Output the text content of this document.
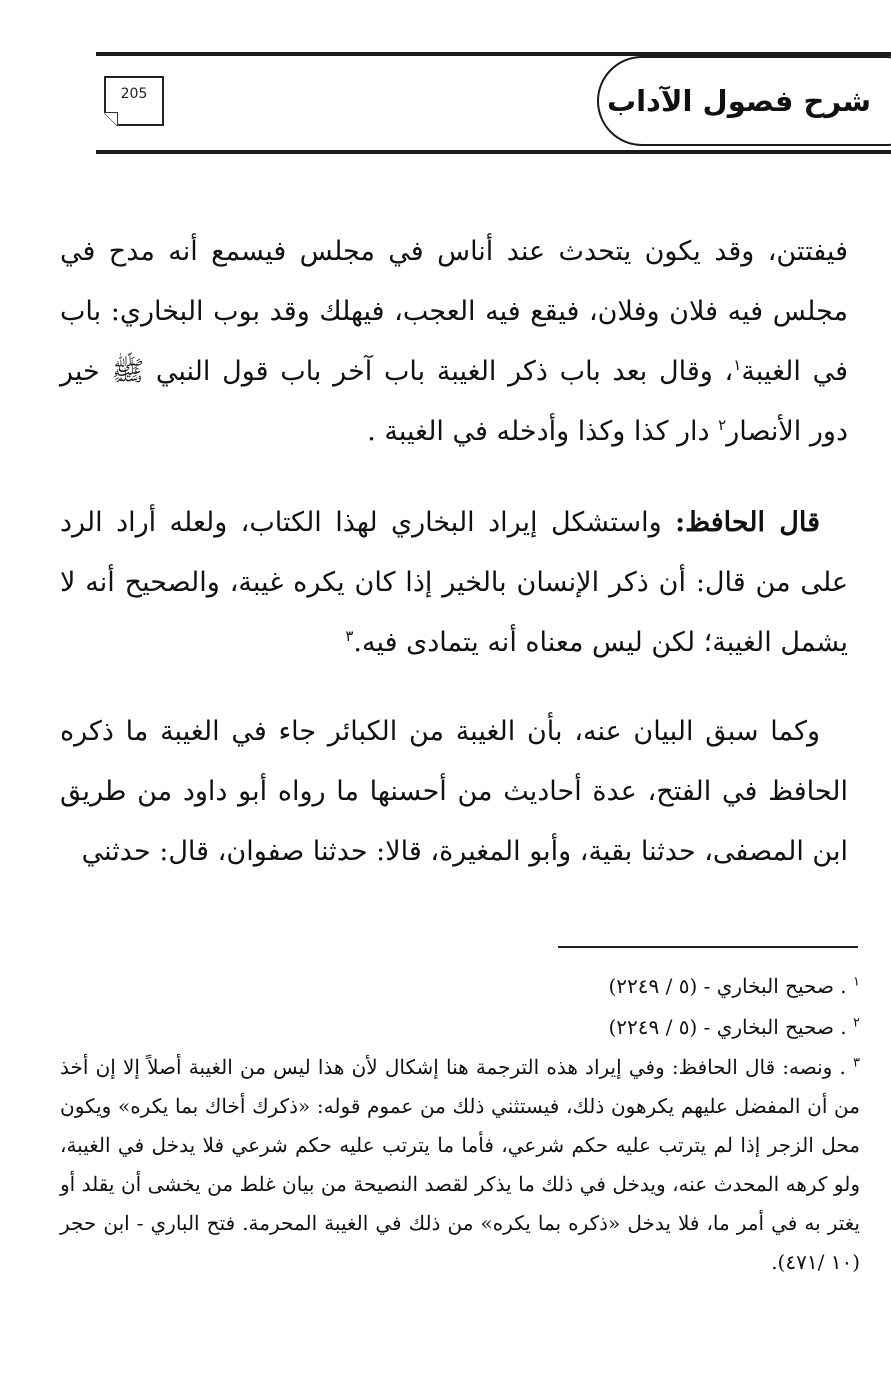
شرح فصول الآداب
205

فيفتتن، وقد يكون يتحدث عند أناس في مجلس فيسمع أنه مدح في مجلس فيه فلان وفلان، فيقع فيه العجب، فيهلك وقد بوب البخاري: باب في الغيبة$^١$، وقال بعد باب ذكر الغيبة باب آخر باب قول النبي ﷺ خير دور الأنصار$^٢$ دار كذا وكذا وأدخله في الغيبة .

قال الحافظ: واستشكل إيراد البخاري لهذا الكتاب، ولعله أراد الرد على من قال: أن ذكر الإنسان بالخير إذا كان يكره غيبة، والصحيح أنه لا يشمل الغيبة؛ لكن ليس معناه أنه يتمادى فيه.$^٣$

وكما سبق البيان عنه، بأن الغيبة من الكبائر جاء في الغيبة ما ذكره الحافظ في الفتح، عدة أحاديث من أحسنها ما رواه أبو داود من طريق ابن المصفى، حدثنا بقية، وأبو المغيرة، قالا: حدثنا صفوان، قال: حدثني

$^١$ . صحيح البخاري - (٥ / ٢٢٤٩)

$^٢$ . صحيح البخاري - (٥ / ٢٢٤٩)

$^٣$ . ونصه: قال الحافظ: وفي إيراد هذه الترجمة هنا إشكال لأن هذا ليس من الغيبة أصلاً إلا إن أخذ من أن المفضل عليهم يكرهون ذلك، فيستثني ذلك من عموم قوله: «ذكرك أخاك بما يكره» ويكون محل الزجر إذا لم يترتب عليه حكم شرعي، فأما ما يترتب عليه حكم شرعي فلا يدخل في الغيبة، ولو كرهه المحدث عنه، ويدخل في ذلك ما يذكر لقصد النصيحة من بيان غلط من يخشى أن يقلد أو يغتر به في أمر ما، فلا يدخل «ذكره بما يكره» من ذلك في الغيبة المحرمة. فتح الباري - ابن حجر (١٠ /٤٧١).
